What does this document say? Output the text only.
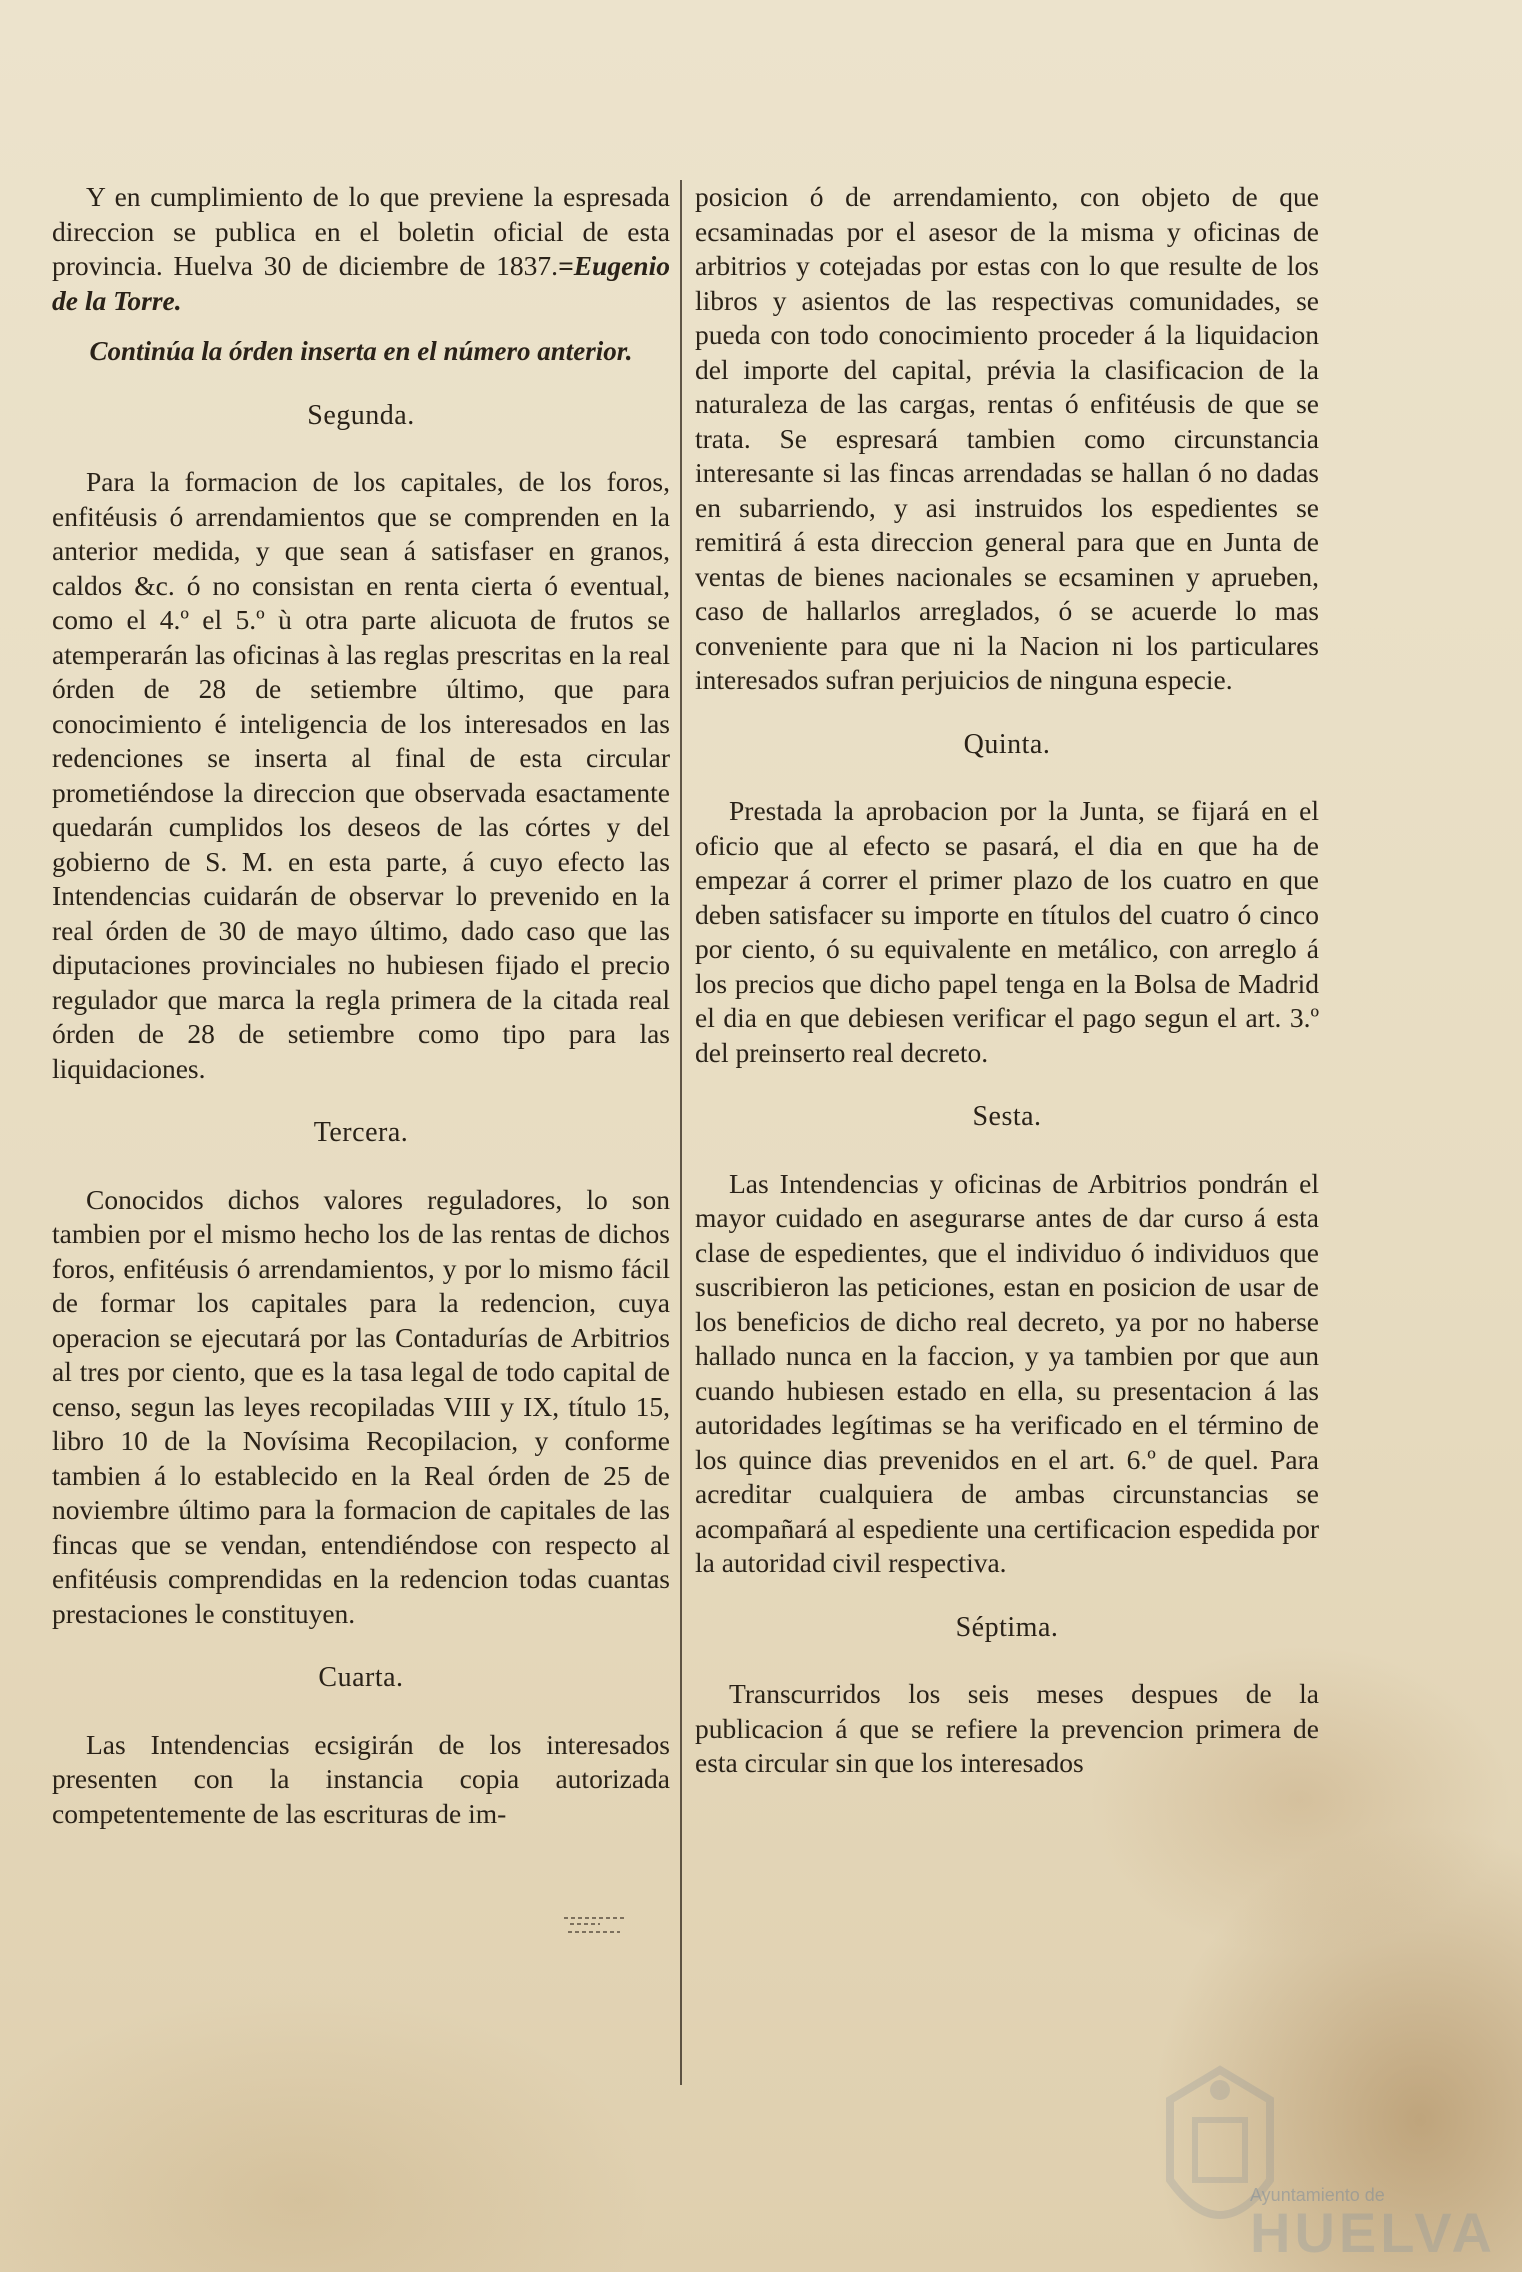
Y en cumplimiento de lo que previene la espresada direccion se publica en el boletin oficial de esta provincia. Huelva 30 de diciembre de 1837.=Eugenio de la Torre.

Continúa la órden inserta en el número anterior.
Segunda.

Para la formacion de los capitales, de los foros, enfitéusis ó arrendamientos que se comprenden en la anterior medida, y que sean á satisfaser en granos, caldos &c. ó no consistan en renta cierta ó eventual, como el 4.º el 5.º ù otra parte alicuota de frutos se atemperarán las oficinas à las reglas prescritas en la real órden de 28 de setiembre último, que para conocimiento é inteligencia de los interesados en las redenciones se inserta al final de esta circular prometiéndose la direccion que observada esactamente quedarán cumplidos los deseos de las córtes y del gobierno de S. M. en esta parte, á cuyo efecto las Intendencias cuidarán de observar lo prevenido en la real órden de 30 de mayo último, dado caso que las diputaciones provinciales no hubiesen fijado el precio regulador que marca la regla primera de la citada real órden de 28 de setiembre como tipo para las liquidaciones.

Tercera.

Conocidos dichos valores reguladores, lo son tambien por el mismo hecho los de las rentas de dichos foros, enfitéusis ó arrendamientos, y por lo mismo fácil de formar los capitales para la redencion, cuya operacion se ejecutará por las Contadurías de Arbitrios al tres por ciento, que es la tasa legal de todo capital de censo, segun las leyes recopiladas VIII y IX, título 15, libro 10 de la Novísima Recopilacion, y conforme tambien á lo establecido en la Real órden de 25 de noviembre último para la formacion de capitales de las fincas que se vendan, entendiéndose con respecto al enfitéusis comprendidas en la redencion todas cuantas prestaciones le constituyen.

Cuarta.

Las Intendencias ecsigirán de los interesados presenten con la instancia copia autorizada competentemente de las escrituras de im-

posicion ó de arrendamiento, con objeto de que ecsaminadas por el asesor de la misma y oficinas de arbitrios y cotejadas por estas con lo que resulte de los libros y asientos de las respectivas comunidades, se pueda con todo conocimiento proceder á la liquidacion del importe del capital, prévia la clasificacion de la naturaleza de las cargas, rentas ó enfitéusis de que se trata. Se espresará tambien como circunstancia interesante si las fincas arrendadas se hallan ó no dadas en subarriendo, y asi instruidos los espedientes se remitirá á esta direccion general para que en Junta de ventas de bienes nacionales se ecsaminen y aprueben, caso de hallarlos arreglados, ó se acuerde lo mas conveniente para que ni la Nacion ni los particulares interesados sufran perjuicios de ninguna especie.

Quinta.

Prestada la aprobacion por la Junta, se fijará en el oficio que al efecto se pasará, el dia en que ha de empezar á correr el primer plazo de los cuatro en que deben satisfacer su importe en títulos del cuatro ó cinco por ciento, ó su equivalente en metálico, con arreglo á los precios que dicho papel tenga en la Bolsa de Madrid el dia en que debiesen verificar el pago segun el art. 3.º del preinserto real decreto.

Sesta.

Las Intendencias y oficinas de Arbitrios pondrán el mayor cuidado en asegurarse antes de dar curso á esta clase de espedientes, que el individuo ó individuos que suscribieron las peticiones, estan en posicion de usar de los beneficios de dicho real decreto, ya por no haberse hallado nunca en la faccion, y ya tambien por que aun cuando hubiesen estado en ella, su presentacion á las autoridades legítimas se ha verificado en el término de los quince dias prevenidos en el art. 6.º de quel. Para acreditar cualquiera de ambas circunstancias se acompañará al espediente una certificacion espedida por la autoridad civil respectiva.

Séptima.

Transcurridos los seis meses despues de la publicacion á que se refiere la prevencion primera de esta circular sin que los interesados

Ayuntamiento de
HUELVA
